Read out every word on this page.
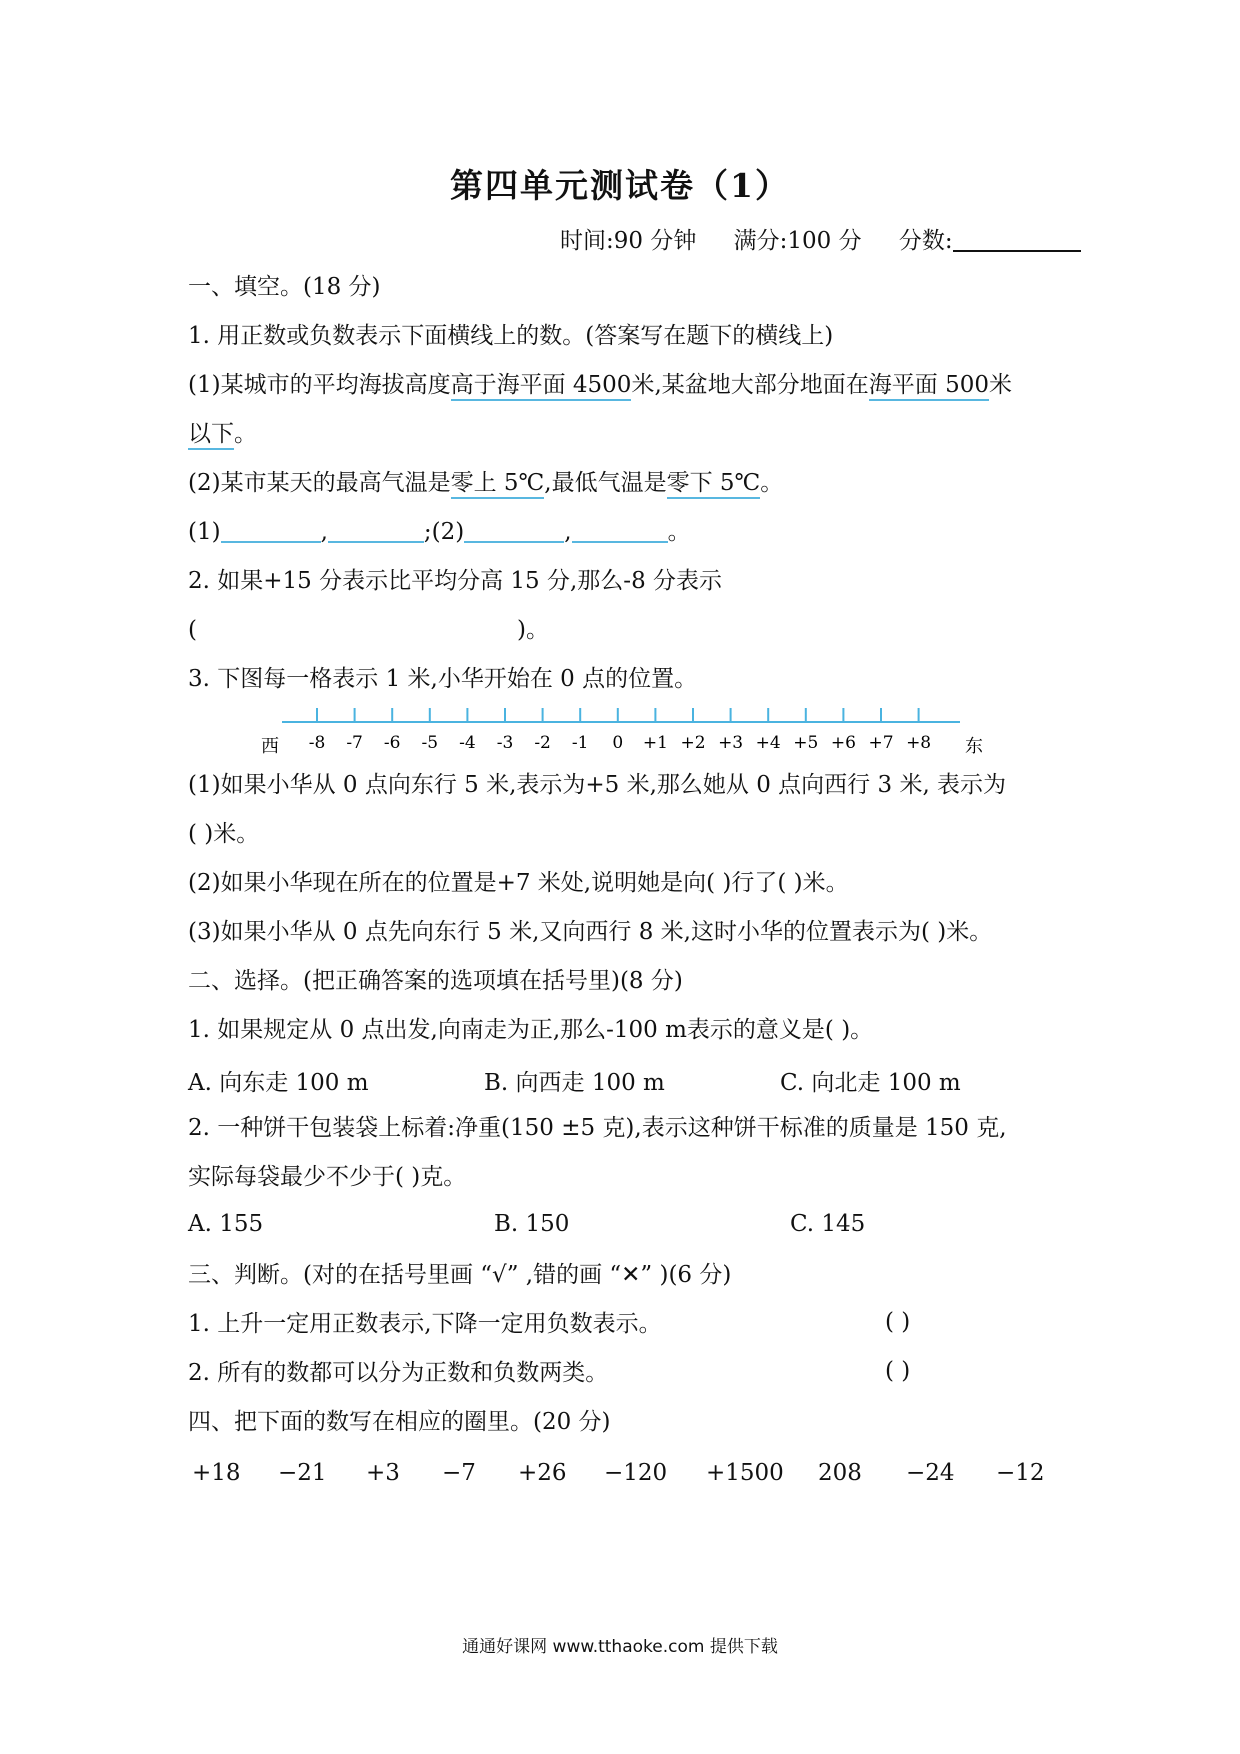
第四单元测试卷（1）
时间:90 分钟 满分:100 分 分数:
一、填空。(18 分)
1. 用正数或负数表示下面横线上的数。(答案写在题下的横线上)
(1)某城市的平均海拔高度高于海平面 4500米,某盆地大部分地面在海平面 500米
以下。
(2)某市某天的最高气温是零上 5℃,最低气温是零下 5℃。
(1)	,	;(2)	,	。
2. 如果+15 分表示比平均分高 15 分,那么-8 分表示
(	)。
3. 下图每一格表示 1 米,小华开始在 0 点的位置。
西	东
-8 -7 -6 -5 -4 -3 -2 -1 0 +1 +2 +3 +4 +5 +6 +7 +8
(1)如果小华从 0 点向东行 5 米,表示为+5 米,那么她从 0 点向西行 3 米, 表示为
( )米。
(2)如果小华现在所在的位置是+7 米处,说明她是向( )行了( )米。
(3)如果小华从 0 点先向东行 5 米,又向西行 8 米,这时小华的位置表示为( )米。
二、选择。(把正确答案的选项填在括号里)(8 分)
1. 如果规定从 0 点出发,向南走为正,那么-100 m表示的意义是( )。
A. 向东走 100 m	B. 向西走 100 m	C. 向北走 100 m
2. 一种饼干包装袋上标着:净重(150 ±5 克),表示这种饼干标准的质量是 150 克,
实际每袋最少不少于( )克。
A. 155	B. 150	C. 145
三、判断。(对的在括号里画 “√” ,错的画 “✕” )(6 分)
1. 上升一定用正数表示,下降一定用负数表示。	( )
2. 所有的数都可以分为正数和负数两类。	( )
四、把下面的数写在相应的圈里。(20 分)
+18 −21 +3 −7 +26 −120 +1500 208 −24 −12
通通好课网 www.tthaoke.com 提供下载
